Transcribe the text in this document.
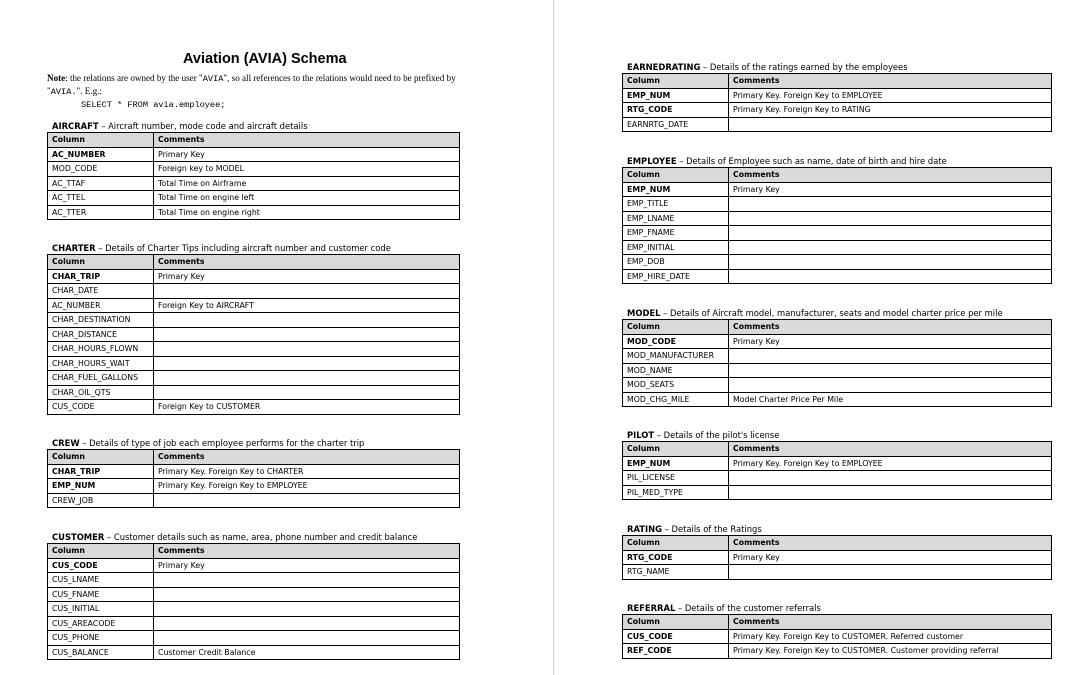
Aviation (AVIA) Schema
Note: the relations are owned by the user "AVIA", so all references to the relations would need to be prefixed by "AVIA.". E.g.:
SELECT * FROM avia.employee;
AIRCRAFT – Aircraft number, mode code and aircraft details
Column	Comments
AC_NUMBER	Primary Key
MOD_CODE	Foreign key to MODEL
AC_TTAF	Total Time on Airframe
AC_TTEL	Total Time on engine left
AC_TTER	Total Time on engine right
CHARTER – Details of Charter Tips including aircraft number and customer code
Column	Comments
CHAR_TRIP	Primary Key
CHAR_DATE	
AC_NUMBER	Foreign Key to AIRCRAFT
CHAR_DESTINATION	
CHAR_DISTANCE	
CHAR_HOURS_FLOWN	
CHAR_HOURS_WAIT	
CHAR_FUEL_GALLONS	
CHAR_OIL_QTS	
CUS_CODE	Foreign Key to CUSTOMER
CREW – Details of type of job each employee performs for the charter trip
Column	Comments
CHAR_TRIP	Primary Key. Foreign Key to CHARTER
EMP_NUM	Primary Key. Foreign Key to EMPLOYEE
CREW_JOB	
CUSTOMER – Customer details such as name, area, phone number and credit balance
Column	Comments
CUS_CODE	Primary Key
CUS_LNAME	
CUS_FNAME	
CUS_INITIAL	
CUS_AREACODE	
CUS_PHONE	
CUS_BALANCE	Customer Credit Balance
EARNEDRATING – Details of the ratings earned by the employees
Column	Comments
EMP_NUM	Primary Key. Foreign Key to EMPLOYEE
RTG_CODE	Primary Key. Foreign Key to RATING
EARNRTG_DATE	
EMPLOYEE – Details of Employee such as name, date of birth and hire date
Column	Comments
EMP_NUM	Primary Key
EMP_TITLE	
EMP_LNAME	
EMP_FNAME	
EMP_INITIAL	
EMP_DOB	
EMP_HIRE_DATE	
MODEL – Details of Aircraft model, manufacturer, seats and model charter price per mile
Column	Comments
MOD_CODE	Primary Key
MOD_MANUFACTURER	
MOD_NAME	
MOD_SEATS	
MOD_CHG_MILE	Model Charter Price Per Mile
PILOT – Details of the pilot's license
Column	Comments
EMP_NUM	Primary Key. Foreign Key to EMPLOYEE
PIL_LICENSE	
PIL_MED_TYPE	
RATING – Details of the Ratings
Column	Comments
RTG_CODE	Primary Key
RTG_NAME	
REFERRAL – Details of the customer referrals
Column	Comments
CUS_CODE	Primary Key. Foreign Key to CUSTOMER. Referred customer
REF_CODE	Primary Key. Foreign Key to CUSTOMER. Customer providing referral
